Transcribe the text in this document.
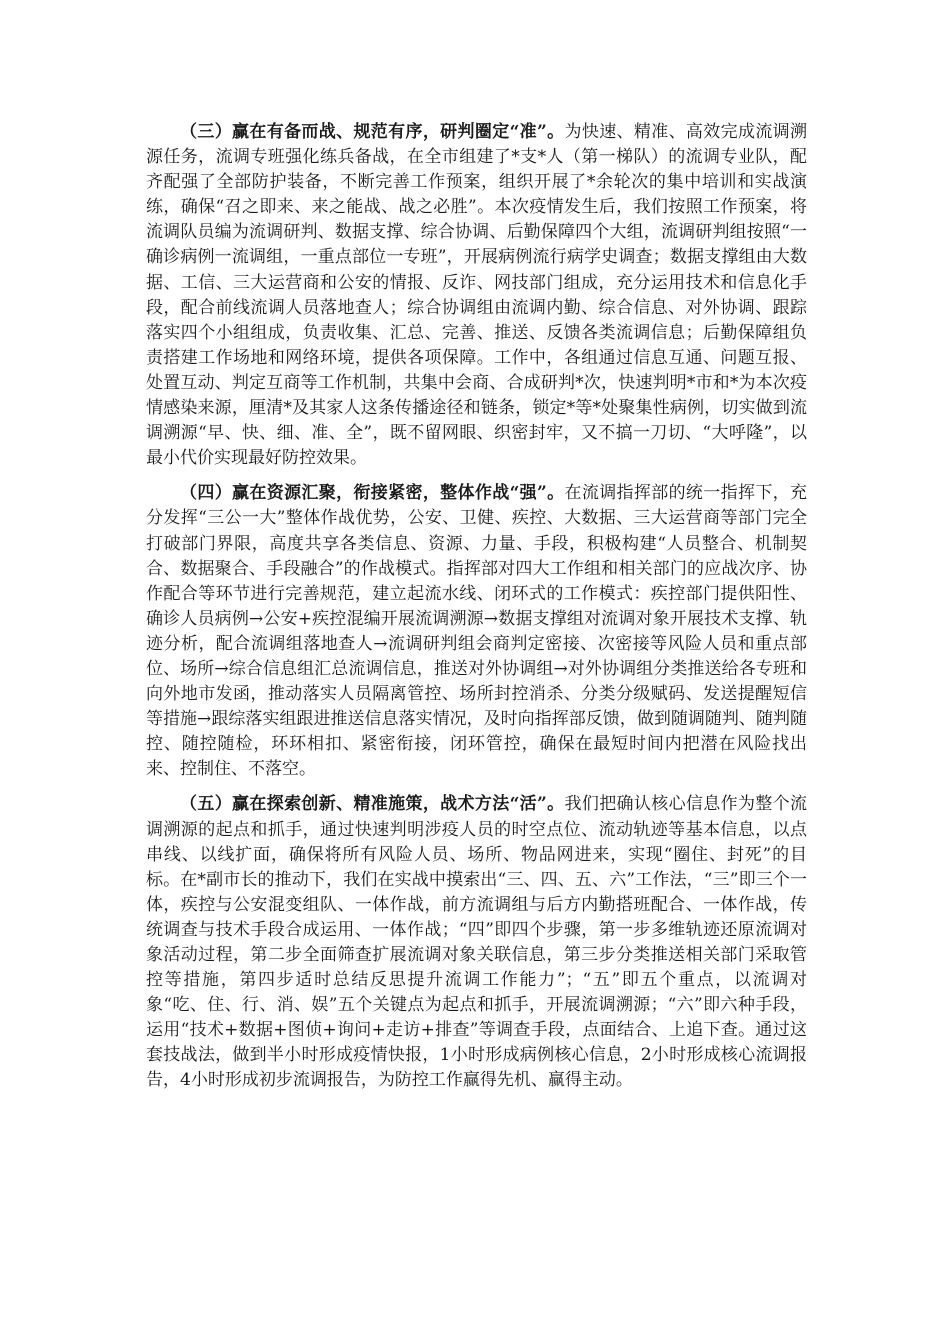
（三）赢在有备而战、规范有序，研判圈定“准”。为快速、精准、高效完成流调溯源任务，流调专班强化练兵备战，在全市组建了*支*人（第一梯队）的流调专业队，配齐配强了全部防护装备，不断完善工作预案，组织开展了*余轮次的集中培训和实战演练，确保“召之即来、来之能战、战之必胜”。本次疫情发生后，我们按照工作预案，将流调队员编为流调研判、数据支撑、综合协调、后勤保障四个大组，流调研判组按照“一确诊病例一流调组，一重点部位一专班”，开展病例流行病学史调查；数据支撑组由大数据、工信、三大运营商和公安的情报、反诈、网技部门组成，充分运用技术和信息化手段，配合前线流调人员落地查人；综合协调组由流调内勤、综合信息、对外协调、跟踪落实四个小组组成，负责收集、汇总、完善、推送、反馈各类流调信息；后勤保障组负责搭建工作场地和网络环境，提供各项保障。工作中，各组通过信息互通、问题互报、处置互动、判定互商等工作机制，共集中会商、合成研判*次，快速判明*市和*为本次疫情感染来源，厘清*及其家人这条传播途径和链条，锁定*等*处聚集性病例，切实做到流调溯源“早、快、细、准、全”，既不留网眼、织密封牢，又不搞一刀切、“大呼隆”，以最小代价实现最好防控效果。

（四）赢在资源汇聚，衔接紧密，整体作战“强”。在流调指挥部的统一指挥下，充分发挥“三公一大”整体作战优势，公安、卫健、疾控、大数据、三大运营商等部门完全打破部门界限，高度共享各类信息、资源、力量、手段，积极构建“人员整合、机制契合、数据聚合、手段融合”的作战模式。指挥部对四大工作组和相关部门的应战次序、协作配合等环节进行完善规范，建立起流水线、闭环式的工作模式：疾控部门提供阳性、确诊人员病例→公安+疾控混编开展流调溯源→数据支撑组对流调对象开展技术支撑、轨迹分析，配合流调组落地查人→流调研判组会商判定密接、次密接等风险人员和重点部位、场所→综合信息组汇总流调信息，推送对外协调组→对外协调组分类推送给各专班和向外地市发函，推动落实人员隔离管控、场所封控消杀、分类分级赋码、发送提醒短信等措施→跟综落实组跟进推送信息落实情况，及时向指挥部反馈，做到随调随判、随判随控、随控随检，环环相扣、紧密衔接，闭环管控，确保在最短时间内把潜在风险找出来、控制住、不落空。

（五）赢在探索创新、精准施策，战术方法“活”。我们把确认核心信息作为整个流调溯源的起点和抓手，通过快速判明涉疫人员的时空点位、流动轨迹等基本信息，以点串线、以线扩面，确保将所有风险人员、场所、物品网进来，实现“圈住、封死”的目标。在*副市长的推动下，我们在实战中摸索出“三、四、五、六”工作法，“三”即三个一体，疾控与公安混变组队、一体作战，前方流调组与后方内勤搭班配合、一体作战，传统调查与技术手段合成运用、一体作战；“四”即四个步骤，第一步多维轨迹还原流调对象活动过程，第二步全面筛查扩展流调对象关联信息，第三步分类推送相关部门采取管控等措施，第四步适时总结反思提升流调工作能力”；“五”即五个重点，以流调对象“吃、住、行、消、娱”五个关键点为起点和抓手，开展流调溯源；“六”即六种手段，运用“技术+数据+图侦+询问+走访+排查”等调查手段，点面结合、上追下查。通过这套技战法，做到半小时形成疫情快报，1小时形成病例核心信息，2小时形成核心流调报告，4小时形成初步流调报告，为防控工作赢得先机、赢得主动。
